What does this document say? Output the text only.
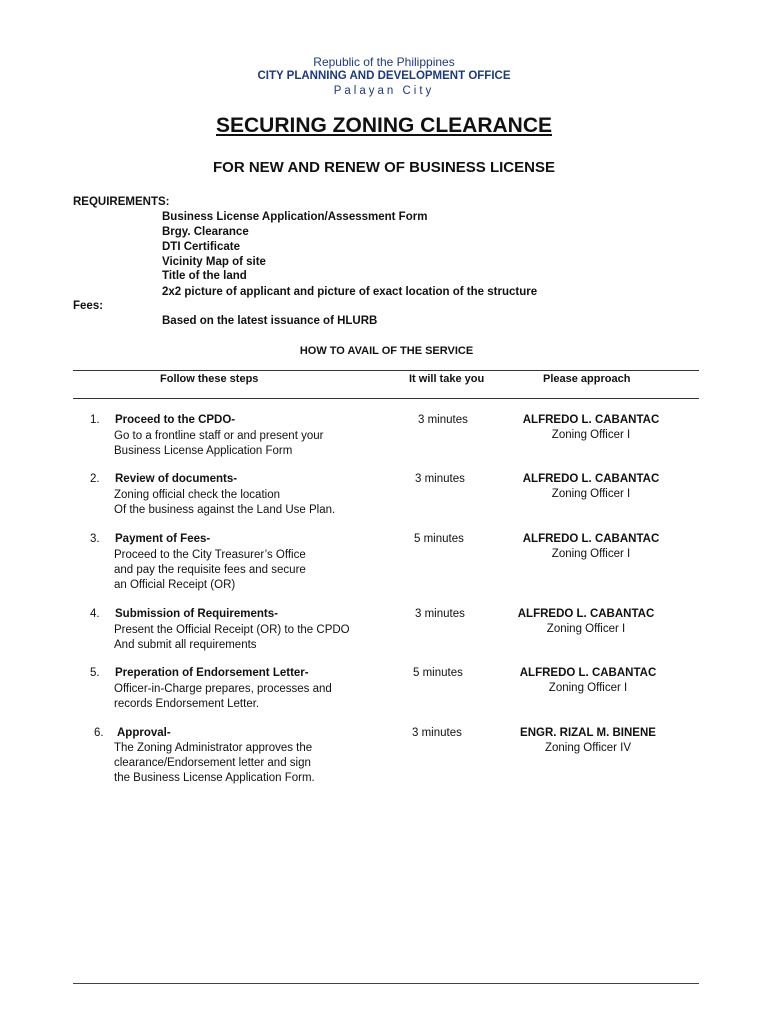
Republic of the Philippines
CITY PLANNING AND DEVELOPMENT OFFICE
Palayan City
SECURING ZONING CLEARANCE
FOR NEW AND RENEW OF BUSINESS LICENSE
REQUIREMENTS:
Business License Application/Assessment Form
Brgy. Clearance
DTI Certificate
Vicinity Map of site
Title of the land
2x2 picture of applicant and picture of exact location of the structure
Fees:
Based on the latest issuance of HLURB
HOW TO AVAIL OF THE SERVICE
Follow these steps	It will take you	Please approach
1. Proceed to the CPDO-
Go to a frontline staff or and present your
Business License Application Form
3 minutes	ALFREDO L. CABANTAC
Zoning Officer I
2. Review of documents-
Zoning official check the location
Of the business against the Land Use Plan.
3 minutes	ALFREDO L. CABANTAC
Zoning Officer I
3. Payment of Fees-
Proceed to the City Treasurer’s Office
and pay the requisite fees and secure
an Official Receipt (OR)
5 minutes	ALFREDO L. CABANTAC
Zoning Officer I
4. Submission of Requirements-
Present the Official Receipt (OR) to the CPDO
And submit all requirements
3 minutes	ALFREDO L. CABANTAC
Zoning Officer I
5. Preperation of Endorsement Letter-
Officer-in-Charge prepares, processes and
records Endorsement Letter.
5 minutes	ALFREDO L. CABANTAC
Zoning Officer I
6. Approval-
The Zoning Administrator approves the
clearance/Endorsement letter and sign
the Business License Application Form.
3 minutes	ENGR. RIZAL M. BINENE
Zoning Officer IV
